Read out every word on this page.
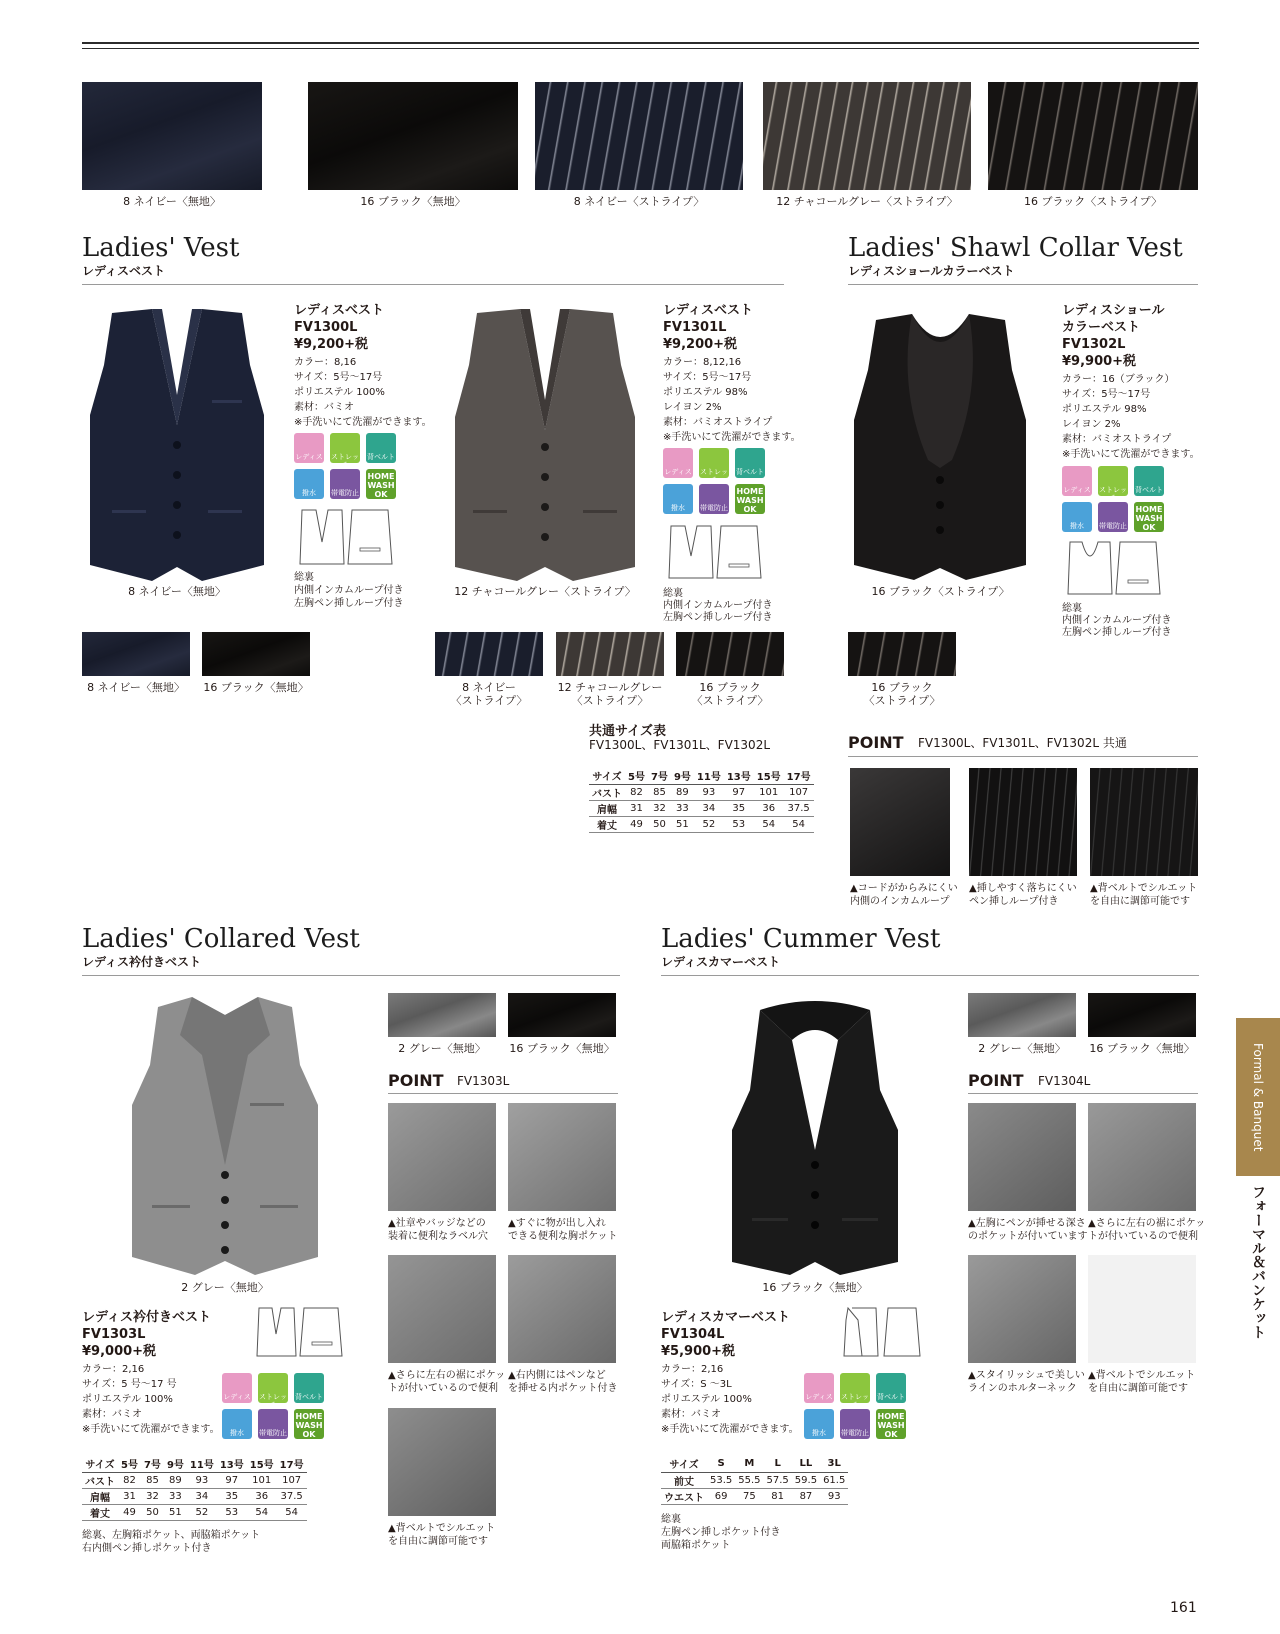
8 ネイビー〈無地〉	16 ブラック〈無地〉	8 ネイビー〈ストライプ〉	12 チャコールグレー〈ストライプ〉	16 ブラック〈ストライプ〉
Ladies' Vest
レディスベスト
8 ネイビー〈無地〉
レディスベスト
FV1300L
¥9,200+税
カラー：8,16
サイズ：5号〜17号
ポリエステル 100%
素材：バミオ
※手洗いにて洗濯ができます。
レディス ストレッチ
背ベルト
撥水	帯電防止
HOME
WASH
OK
総裏
内側インカムループ付き
左胸ペン挿しループ付き
8 ネイビー〈無地〉	16 ブラック〈無地〉
12 チャコールグレー〈ストライプ〉
レディスベスト
FV1301L
¥9,200+税
カラー：8,12,16
サイズ：5号〜17号
ポリエステル 98%
レイヨン 2%
素材：バミオストライプ
※手洗いにて洗濯ができます。
レディス ストレッチ
背ベルト
撥水	帯電防止
HOME
WASH
OK
総裏
内側インカムループ付き
左胸ペン挿しループ付き
8 ネイビー
〈ストライプ〉
12 チャコールグレー
〈ストライプ〉
16 ブラック
〈ストライプ〉
Ladies' Shawl Collar Vest
レディスショールカラーベスト
16 ブラック〈ストライプ〉
レディスショール
カラーベスト
FV1302L
¥9,900+税
カラー：16（ブラック）
サイズ：5号〜17号
ポリエステル 98%
レイヨン 2%
素材：バミオストライプ
※手洗いにて洗濯ができます。
レディス ストレッチ
背ベルト
撥水	帯電防止
HOME
WASH
OK
総裏
内側インカムループ付き
左胸ペン挿しループ付き
16 ブラック
〈ストライプ〉
共通サイズ表
FV1300L、FV1301L、FV1302L
サイズ	5号	7号	9号	11号	13号	15号	17号
バスト	82	85	89	93	97	101	107
肩幅	31	32	33	34	35	36	37.5
着丈	49	50	51	52	53	54	54
POINT FV1300L、FV1301L、FV1302L 共通
▲コードがからみにくい
内側のインカムループ
▲挿しやすく落ちにくい
ペン挿しループ付き
▲背ベルトでシルエット
を自由に調節可能です
Ladies' Collared Vest
レディス衿付きベスト
2 グレー〈無地〉
レディス衿付きベスト
FV1303L
¥9,000+税
カラー：2,16
サイズ：5 号〜17 号
ポリエステル 100%
素材：バミオ
※手洗いにて洗濯ができます。
レディス ストレッチ
背ベルト
撥水	帯電防止
HOME
WASH
OK
サイズ	5号	7号	9号	11号	13号	15号	17号
バスト	82	85	89	93	97	101	107
肩幅	31	32	33	34	35	36	37.5
着丈	49	50	51	52	53	54	54
総裏、左胸箱ポケット、両脇箱ポケット
右内側ペン挿しポケット付き
2 グレー〈無地〉	16 ブラック〈無地〉
POINT FV1303L
▲社章やバッジなどの
装着に便利なラベル穴
▲すぐに物が出し入れ
できる便利な胸ポケット
▲さらに左右の裾にポケッ
トが付いているので便利
▲右内側にはペンなど
を挿せる内ポケット付き
▲背ベルトでシルエット
を自由に調節可能です
Ladies' Cummer Vest
レディスカマーベスト
16 ブラック〈無地〉
レディスカマーベスト
FV1304L
¥5,900+税
カラー：2,16
サイズ：S 〜3L
ポリエステル 100%
素材：バミオ
※手洗いにて洗濯ができます。
レディス ストレッチ
背ベルト
撥水	帯電防止
HOME
WASH
OK
サイズ	S	M	L	LL	3L
前丈	53.5	55.5	57.5	59.5	61.5
ウエスト	69	75	81	87	93
総裏
左胸ペン挿しポケット付き
両脇箱ポケット
2 グレー〈無地〉	16 ブラック〈無地〉
POINT FV1304L
▲左胸にペンが挿せる深さ
のポケットが付いています
▲さらに左右の裾にポケッ
トが付いているので便利
▲スタイリッシュで美しい
ラインのホルターネック
▲背ベルトでシルエット
を自由に調節可能です
Formal & Banquet
フォーマル＆バンケット
161
